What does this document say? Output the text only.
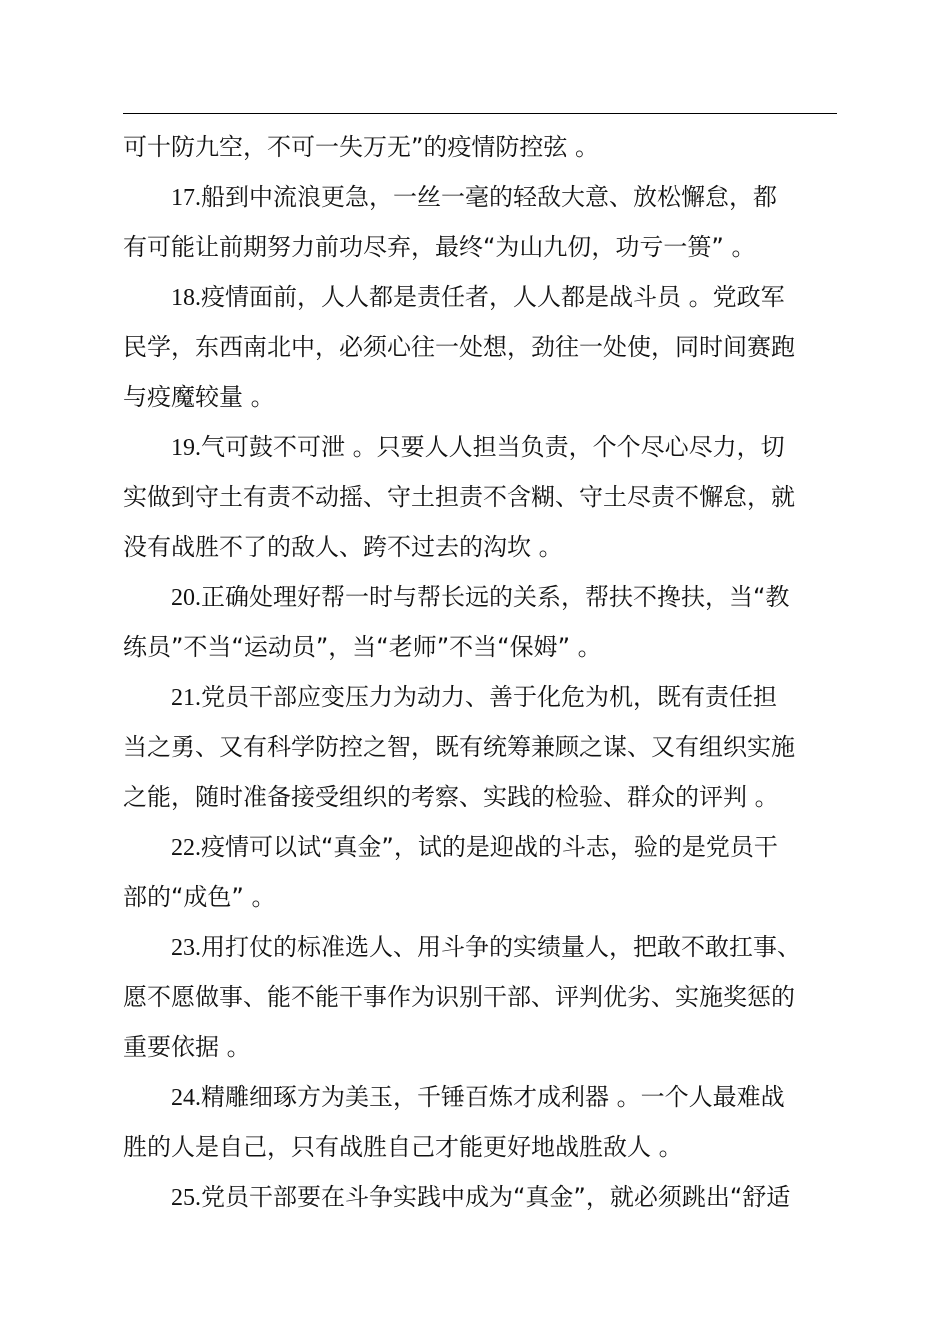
可十防九空，不可一失万无”的疫情防控弦 。

17.船到中流浪更急，一丝一毫的轻敌大意、放松懈怠，都
有可能让前期努力前功尽弃，最终“为山九仞，功亏一篑” 。

18.疫情面前，人人都是责任者，人人都是战斗员 。党政军
民学，东西南北中，必须心往一处想，劲往一处使，同时间赛跑
与疫魔较量 。

19.气可鼓不可泄 。只要人人担当负责，个个尽心尽力，切
实做到守土有责不动摇、守土担责不含糊、守土尽责不懈怠，就
没有战胜不了的敌人、跨不过去的沟坎 。

20.正确处理好帮一时与帮长远的关系，帮扶不搀扶，当“教
练员”不当“运动员”，当“老师”不当“保姆” 。

21.党员干部应变压力为动力、善于化危为机，既有责任担
当之勇、又有科学防控之智，既有统筹兼顾之谋、又有组织实施
之能，随时准备接受组织的考察、实践的检验、群众的评判 。

22.疫情可以试“真金”，试的是迎战的斗志，验的是党员干
部的“成色” 。

23.用打仗的标准选人、用斗争的实绩量人，把敢不敢扛事、
愿不愿做事、能不能干事作为识别干部、评判优劣、实施奖惩的
重要依据 。

24.精雕细琢方为美玉，千锤百炼才成利器 。一个人最难战
胜的人是自己，只有战胜自己才能更好地战胜敌人 。

25.党员干部要在斗争实践中成为“真金”，就必须跳出“舒适
